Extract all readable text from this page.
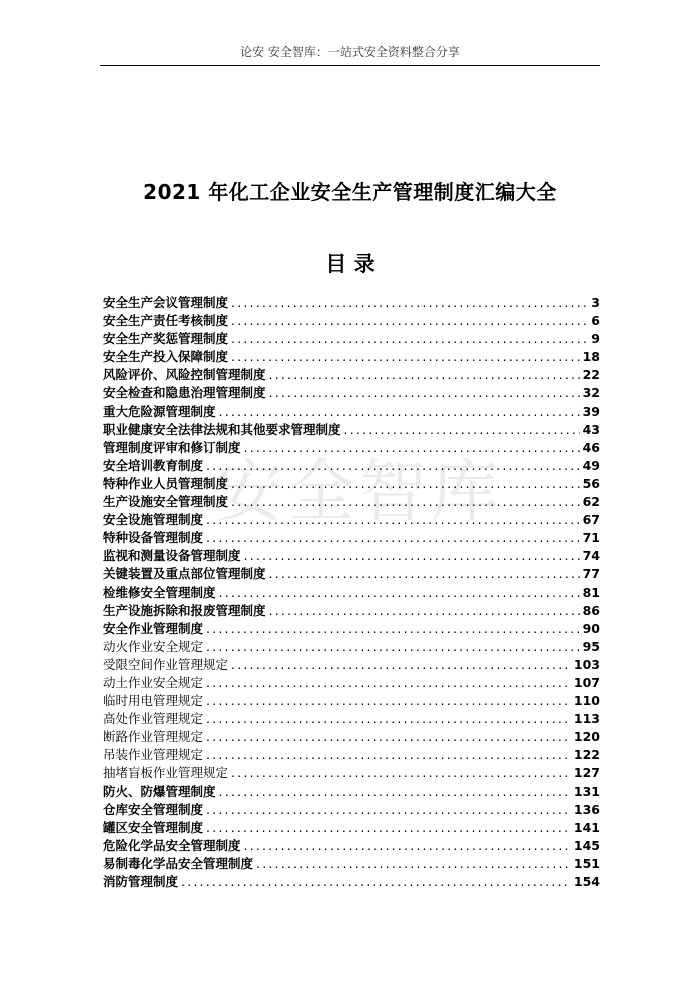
论安 安全智库：一站式安全资料整合分享
2021 年化工企业安全生产管理制度汇编大全
目 录
安全智库
安全生产会议管理制度 .....	3
安全生产责任考核制度 .....	6
安全生产奖惩管理制度 .....	9
安全生产投入保障制度 .....	18
风险评价、风险控制管理制度 .....	22
安全检查和隐患治理管理制度 .....	32
重大危险源管理制度 .....	39
职业健康安全法律法规和其他要求管理制度 .....	43
管理制度评审和修订制度 .....	46
安全培训教育制度 .....	49
特种作业人员管理制度 .....	56
生产设施安全管理制度 .....	62
安全设施管理制度 .....	67
特种设备管理制度 .....	71
监视和测量设备管理制度 .....	74
关键装置及重点部位管理制度 .....	77
检维修安全管理制度 .....	81
生产设施拆除和报废管理制度 .....	86
安全作业管理制度 .....	90
动火作业安全规定 .....	95
受限空间作业管理规定 .....	103
动土作业安全规定 .....	107
临时用电管理规定 .....	110
高处作业管理规定 .....	113
断路作业管理规定 .....	120
吊装作业管理规定 .....	122
抽堵盲板作业管理规定 .....	127
防火、防爆管理制度 .....	131
仓库安全管理制度 .....	136
罐区安全管理制度 .....	141
危险化学品安全管理制度 .....	145
易制毒化学品安全管理制度 .....	151
消防管理制度 .....	154
